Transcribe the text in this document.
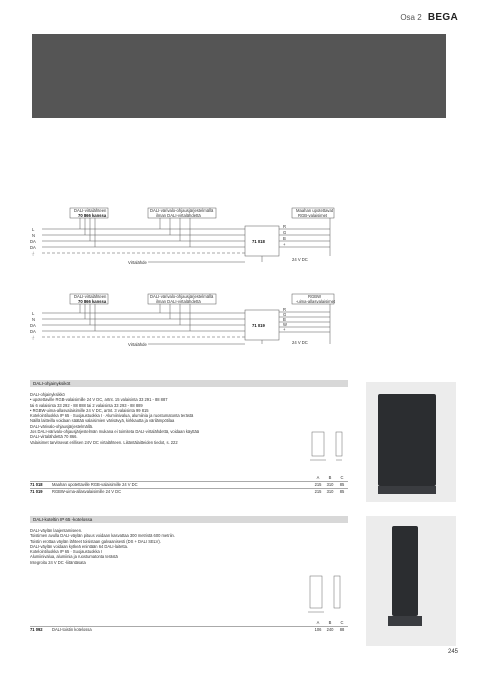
Osa 2 BEGA
L
N
DA
DA
⏚
DALI-virtalähteen
70 866 kanssa
DALI-värivalo-ohjausjärjestelmällä
ilman DALI-virtalähdettä
Maahan upotettavat
RGB-valaisimet
71 018
R
G
B
+
24 V DC
Virtalähde
L
N
DA
DA
⏚
DALI-virtalähteen
70 866 kanssa
DALI-värivalo-ohjausjärjestelmällä
ilman DALI-virtalähdettä
RGBW
-uima-allasvalaisimet
71 019
R
G
B
W
+
24 V DC
Virtalähde
DALI-ohjainyksiköt
DALI-ohjainyksikkö
• upotettaville RGB-valaisimille 24 V DC, artnt. 15 valaisinta 33 291 - 88 887
tai 6 valaisinta 33 292 - 88 888 tai 2 valaisinta 33 293 - 88 889
• RGBW-uima-allasvalaisimille 24 V DC, artnt. 3 valaisinta 99 815
Kotelointiluokka IP 65 · Suojaustuokka I · Alumiinivalua, alumiinia ja ruostumatonta terästä
Näillä laitteilla voidaan säätää valaisimien värisävyä, kirkkautta ja värilämpötilaa
DALI-värivalo-ohjausjärjestelmällä.
Jos DALI-värivalo-ohjausjärjestelmän mukana ei toimiteta DALI-virtalähdettä, voidaan käyttää
DALI-virtalähdettä 70 866.
Valaisimet tarvitsevat erillisen 24V DC virtalähteen. Liitäntälaitteiden tiedot, s. 222
A	B	C
71 018	Maahan upotettaville RGB-valaisimille 24 V DC	215	310	85
71 019	RGBW-uima-allasvalaisimille 24 V DC	215	310	85
DALI-koteltin IP 65 -kotelossa
DALI-väylän laajentamiseen.
Toistimen avulla DALI-väylän pituus voidaan kasvattaa 300 metristä 600 metriin.
Toistin erottaa väylän lähteet toisistaan galvaanisesti (DS + DALI SELV).
DALI-väylän voidaan kytkeä enintään 64 DALI-laitetta.
Kotelointiluokka IP 65 · Suojaustuokka I
Alumiinivalua, alumiinia ja ruostumatonta terästä
Integroitu 24 V DC -liitäntäsata
A	B	C
71 092	DALI-toistin kotelossa	106	240	88
245
